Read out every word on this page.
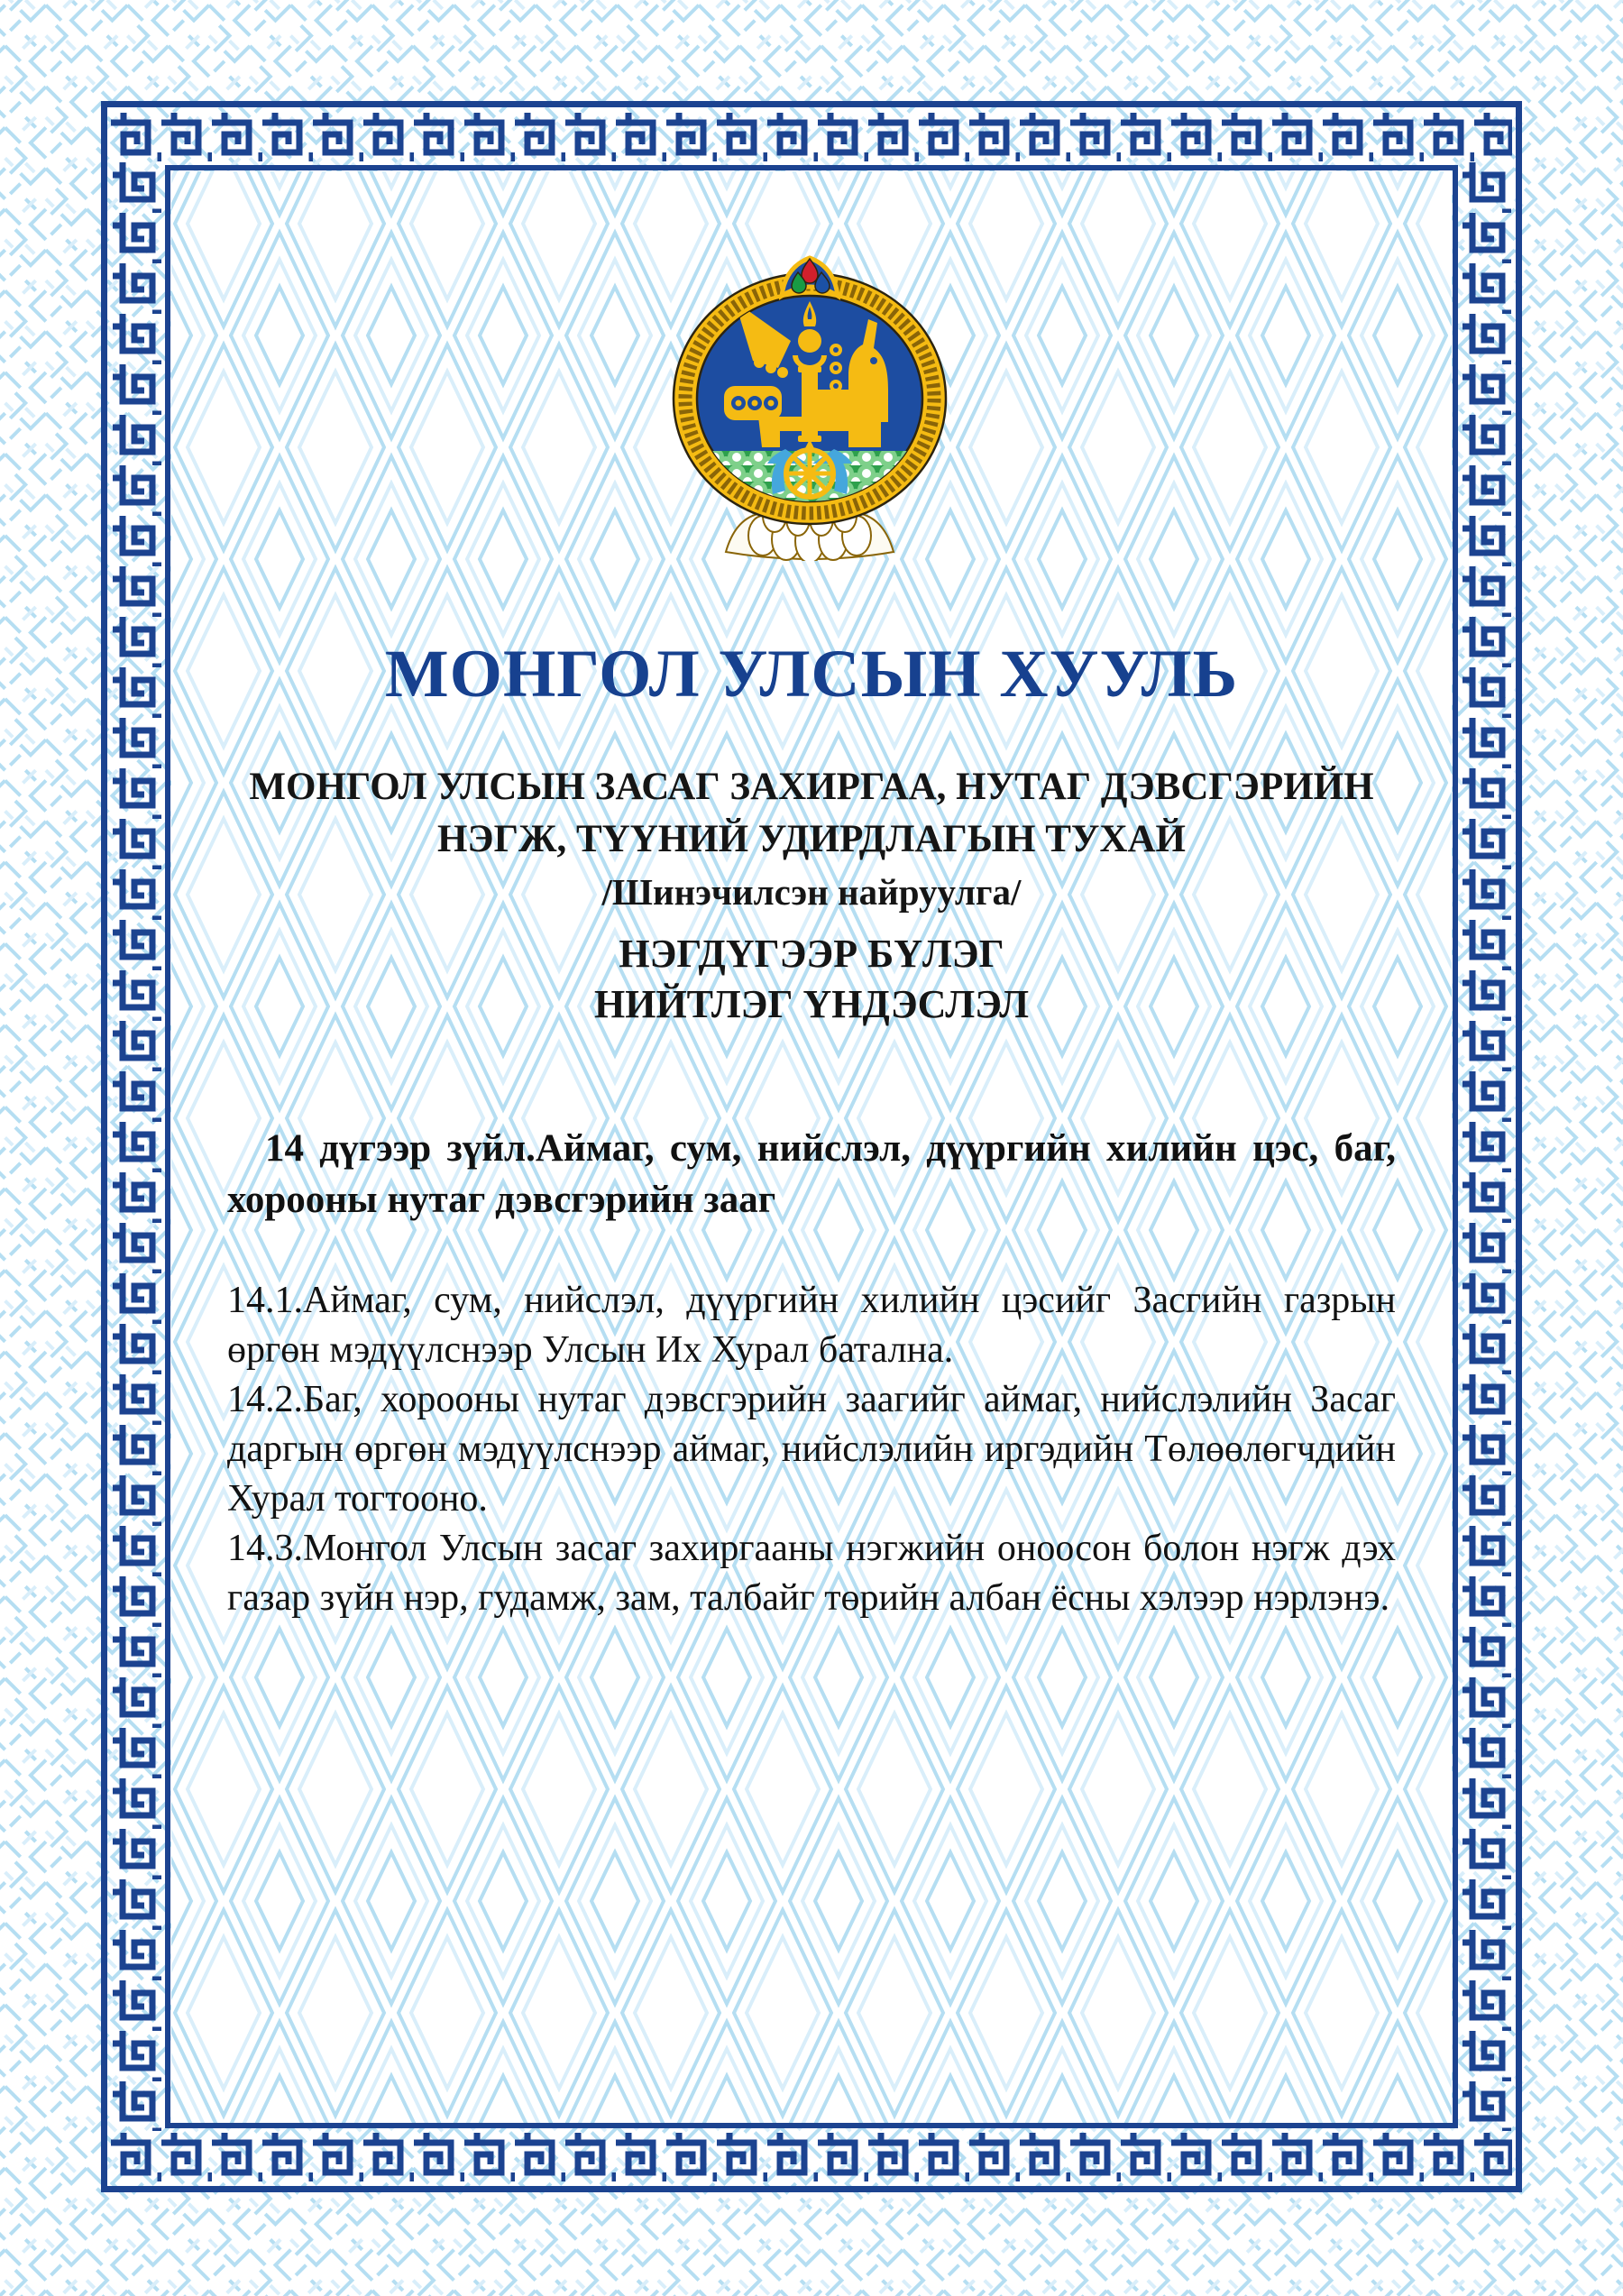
МОНГОЛ УЛСЫН ХУУЛЬ
МОНГОЛ УЛСЫН ЗАСАГ ЗАХИРГАА, НУТАГ ДЭВСГЭРИЙН
НЭГЖ, ТҮҮНИЙ УДИРДЛАГЫН ТУХАЙ
/Шинэчилсэн найруулга/
НЭГДҮГЭЭР БҮЛЭГ
НИЙТЛЭГ ҮНДЭСЛЭЛ

14 дүгээр зүйл.Аймаг, сум, нийслэл, дүүргийн хилийн цэс, баг, хорооны нутаг дэвсгэрийн зааг

14.1.Аймаг, сум, нийслэл, дүүргийн хилийн цэсийг Засгийн газрын өргөн мэдүүлснээр Улсын Их Хурал батална.

14.2.Баг, хорооны нутаг дэвсгэрийн заагийг аймаг, нийслэлийн Засаг даргын өргөн мэдүүлснээр аймаг, нийслэлийн иргэдийн Төлөөлөгчдийн Хурал тогтооно.

14.3.Монгол Улсын засаг захиргааны нэгжийн оноосон болон нэгж дэх газар зүйн нэр, гудамж, зам, талбайг төрийн албан ёсны хэлээр нэрлэнэ.
